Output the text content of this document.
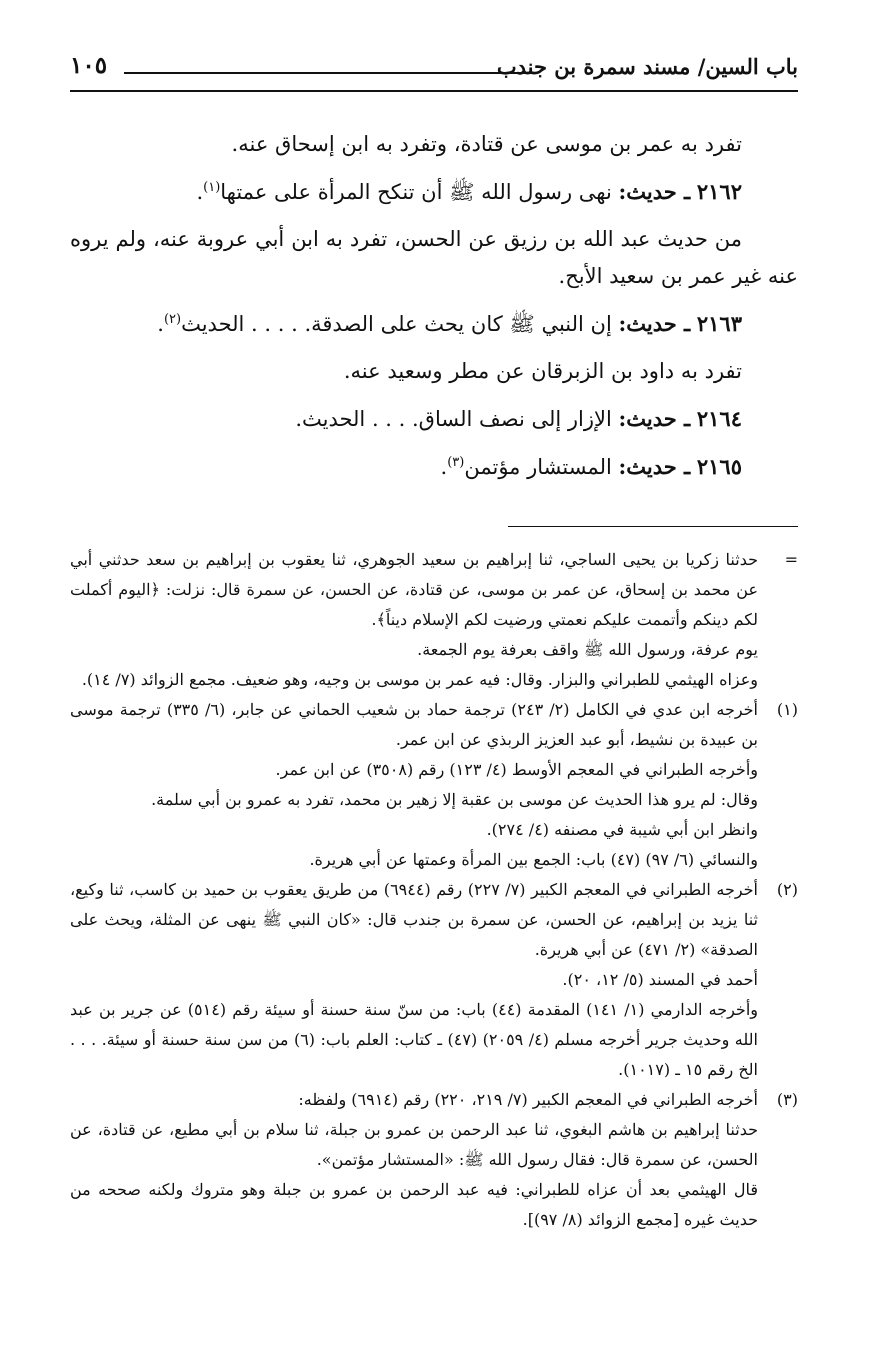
باب السين/ مسند سمرة بن جندب
١٠٥

تفرد به عمر بن موسى عن قتادة، وتفرد به ابن إسحاق عنه.

٢١٦٢ ـ حديث: نهى رسول الله ﷺ أن تنكح المرأة على عمتها$^{(١)}$.

من حديث عبد الله بن رزيق عن الحسن، تفرد به ابن أبي عروبة عنه، ولم يروه عنه غير عمر بن سعيد الأبح.

٢١٦٣ ـ حديث: إن النبي ﷺ كان يحث على الصدقة. . . . . الحديث$^{(٢)}$.

تفرد به داود بن الزبرقان عن مطر وسعيد عنه.

٢١٦٤ ـ حديث: الإزار إلى نصف الساق. . . . الحديث.

٢١٦٥ ـ حديث: المستشار مؤتمن$^{(٣)}$.

=

حدثنا زكريا بن يحيى الساجي، ثنا إبراهيم بن سعيد الجوهري، ثنا يعقوب بن إبراهيم بن سعد حدثني أبي عن محمد بن إسحاق، عن عمر بن موسى، عن قتادة، عن الحسن، عن سمرة قال: نزلت: ﴿اليوم أكملت لكم دينكم وأتممت عليكم نعمتي ورضيت لكم الإسلام ديناً﴾.

يوم عرفة، ورسول الله ﷺ واقف بعرفة يوم الجمعة.

وعزاه الهيثمي للطبراني والبزار. وقال: فيه عمر بن موسى بن وجيه، وهو ضعيف. مجمع الزوائد (٧/ ١٤).

(١)

أخرجه ابن عدي في الكامل (٢/ ٢٤٣) ترجمة حماد بن شعيب الحماني عن جابر، (٦/ ٣٣٥) ترجمة موسى بن عبيدة بن نشيط، أبو عبد العزيز الربذي عن ابن عمر.

وأخرجه الطبراني في المعجم الأوسط (٤/ ١٢٣) رقم (٣٥٠٨) عن ابن عمر.

وقال: لم يرو هذا الحديث عن موسى بن عقبة إلا زهير بن محمد، تفرد به عمرو بن أبي سلمة.

وانظر ابن أبي شيبة في مصنفه (٤/ ٢٧٤).

والنسائي (٦/ ٩٧) (٤٧) باب: الجمع بين المرأة وعمتها عن أبي هريرة.

(٢)

أخرجه الطبراني في المعجم الكبير (٧/ ٢٢٧) رقم (٦٩٤٤) من طريق يعقوب بن حميد بن كاسب، ثنا وكيع، ثنا يزيد بن إبراهيم، عن الحسن، عن سمرة بن جندب قال: «كان النبي ﷺ ينهى عن المثلة، ويحث على الصدقة» (٢/ ٤٧١) عن أبي هريرة.

أحمد في المسند (٥/ ١٢، ٢٠).

وأخرجه الدارمي (١/ ١٤١) المقدمة (٤٤) باب: من سنّ سنة حسنة أو سيئة رقم (٥١٤) عن جرير بن عبد الله وحديث جرير أخرجه مسلم (٤/ ٢٠٥٩) (٤٧) ـ كتاب: العلم باب: (٦) من سن سنة حسنة أو سيئة. . . . الخ رقم ١٥ ـ (١٠١٧).

(٣)

أخرجه الطبراني في المعجم الكبير (٧/ ٢١٩، ٢٢٠) رقم (٦٩١٤) ولفظه:

حدثنا إبراهيم بن هاشم البغوي، ثنا عبد الرحمن بن عمرو بن جبلة، ثنا سلام بن أبي مطيع، عن قتادة، عن الحسن، عن سمرة قال: فقال رسول الله ﷺ: «المستشار مؤتمن».

قال الهيثمي بعد أن عزاه للطبراني: فيه عبد الرحمن بن عمرو بن جبلة وهو متروك ولكنه صححه من حديث غيره [مجمع الزوائد (٨/ ٩٧)].
